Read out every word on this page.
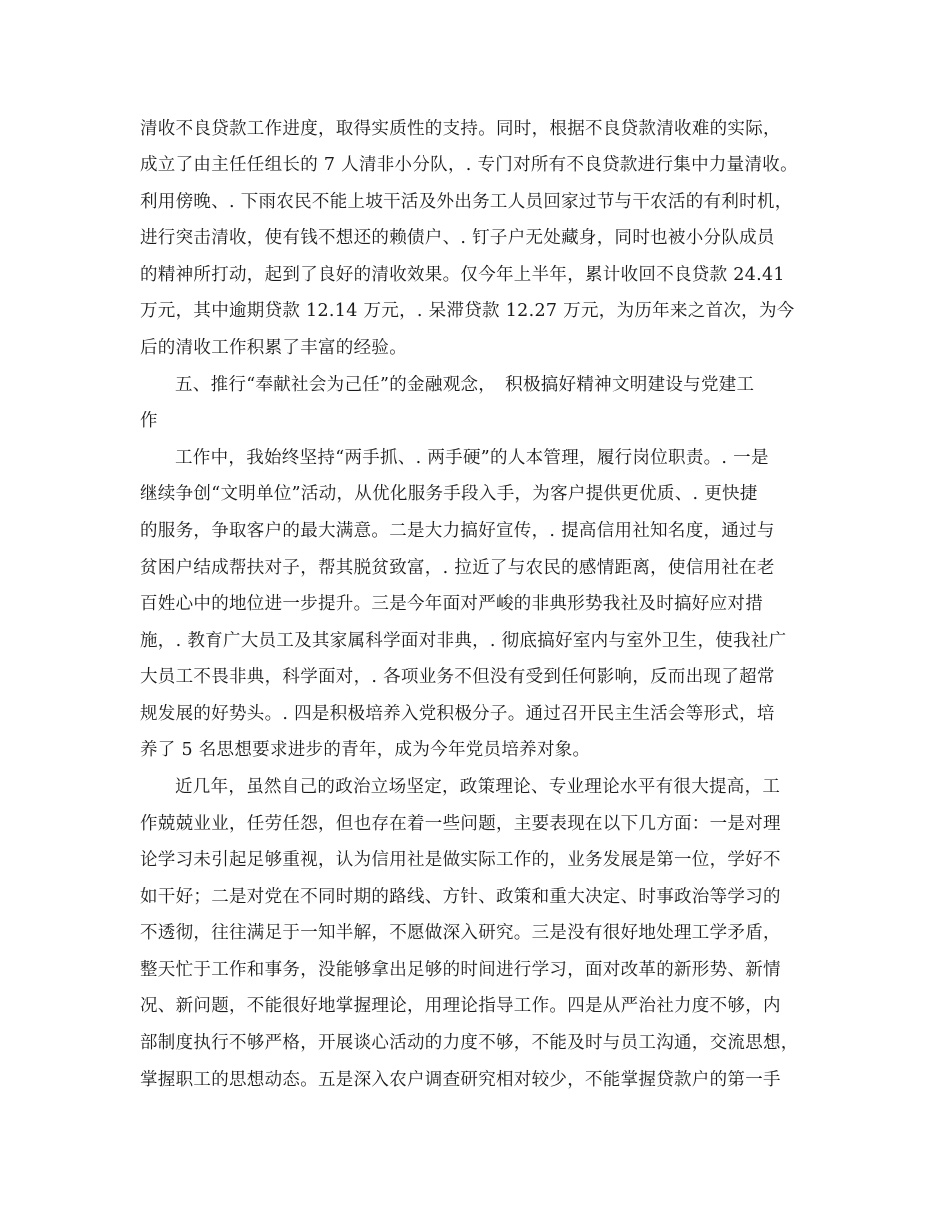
清收不良贷款工作进度，取得实质性的支持。同时，根据不良贷款清收难的实际，
成立了由主任任组长的 7 人清非小分队，. 专门对所有不良贷款进行集中力量清收。
利用傍晚、. 下雨农民不能上坡干活及外出务工人员回家过节与干农活的有利时机，
进行突击清收，使有钱不想还的赖债户、. 钉子户无处藏身，同时也被小分队成员
的精神所打动，起到了良好的清收效果。仅今年上半年，累计收回不良贷款 24.41
万元，其中逾期贷款 12.14 万元，. 呆滞贷款 12.27 万元，为历年来之首次，为今
后的清收工作积累了丰富的经验。
五、推行“奉献社会为己任”的金融观念，　积极搞好精神文明建设与党建工
作
工作中，我始终坚持“两手抓、. 两手硬”的人本管理，履行岗位职责。. 一是
继续争创“文明单位”活动，从优化服务手段入手，为客户提供更优质、. 更快捷
的服务，争取客户的最大满意。二是大力搞好宣传，. 提高信用社知名度，通过与
贫困户结成帮扶对子，帮其脱贫致富，. 拉近了与农民的感情距离，使信用社在老
百姓心中的地位进一步提升。三是今年面对严峻的非典形势我社及时搞好应对措
施，. 教育广大员工及其家属科学面对非典，. 彻底搞好室内与室外卫生，使我社广
大员工不畏非典，科学面对，. 各项业务不但没有受到任何影响，反而出现了超常
规发展的好势头。. 四是积极培养入党积极分子。通过召开民主生活会等形式，培
养了 5 名思想要求进步的青年，成为今年党员培养对象。
近几年，虽然自己的政治立场坚定，政策理论、专业理论水平有很大提高，工
作兢兢业业，任劳任怨，但也存在着一些问题，主要表现在以下几方面：一是对理
论学习未引起足够重视，认为信用社是做实际工作的，业务发展是第一位，学好不
如干好；二是对党在不同时期的路线、方针、政策和重大决定、时事政治等学习的
不透彻，往往满足于一知半解，不愿做深入研究。三是没有很好地处理工学矛盾，
整天忙于工作和事务，没能够拿出足够的时间进行学习，面对改革的新形势、新情
况、新问题，不能很好地掌握理论，用理论指导工作。四是从严治社力度不够，内
部制度执行不够严格，开展谈心活动的力度不够，不能及时与员工沟通，交流思想，
掌握职工的思想动态。五是深入农户调查研究相对较少，不能掌握贷款户的第一手
